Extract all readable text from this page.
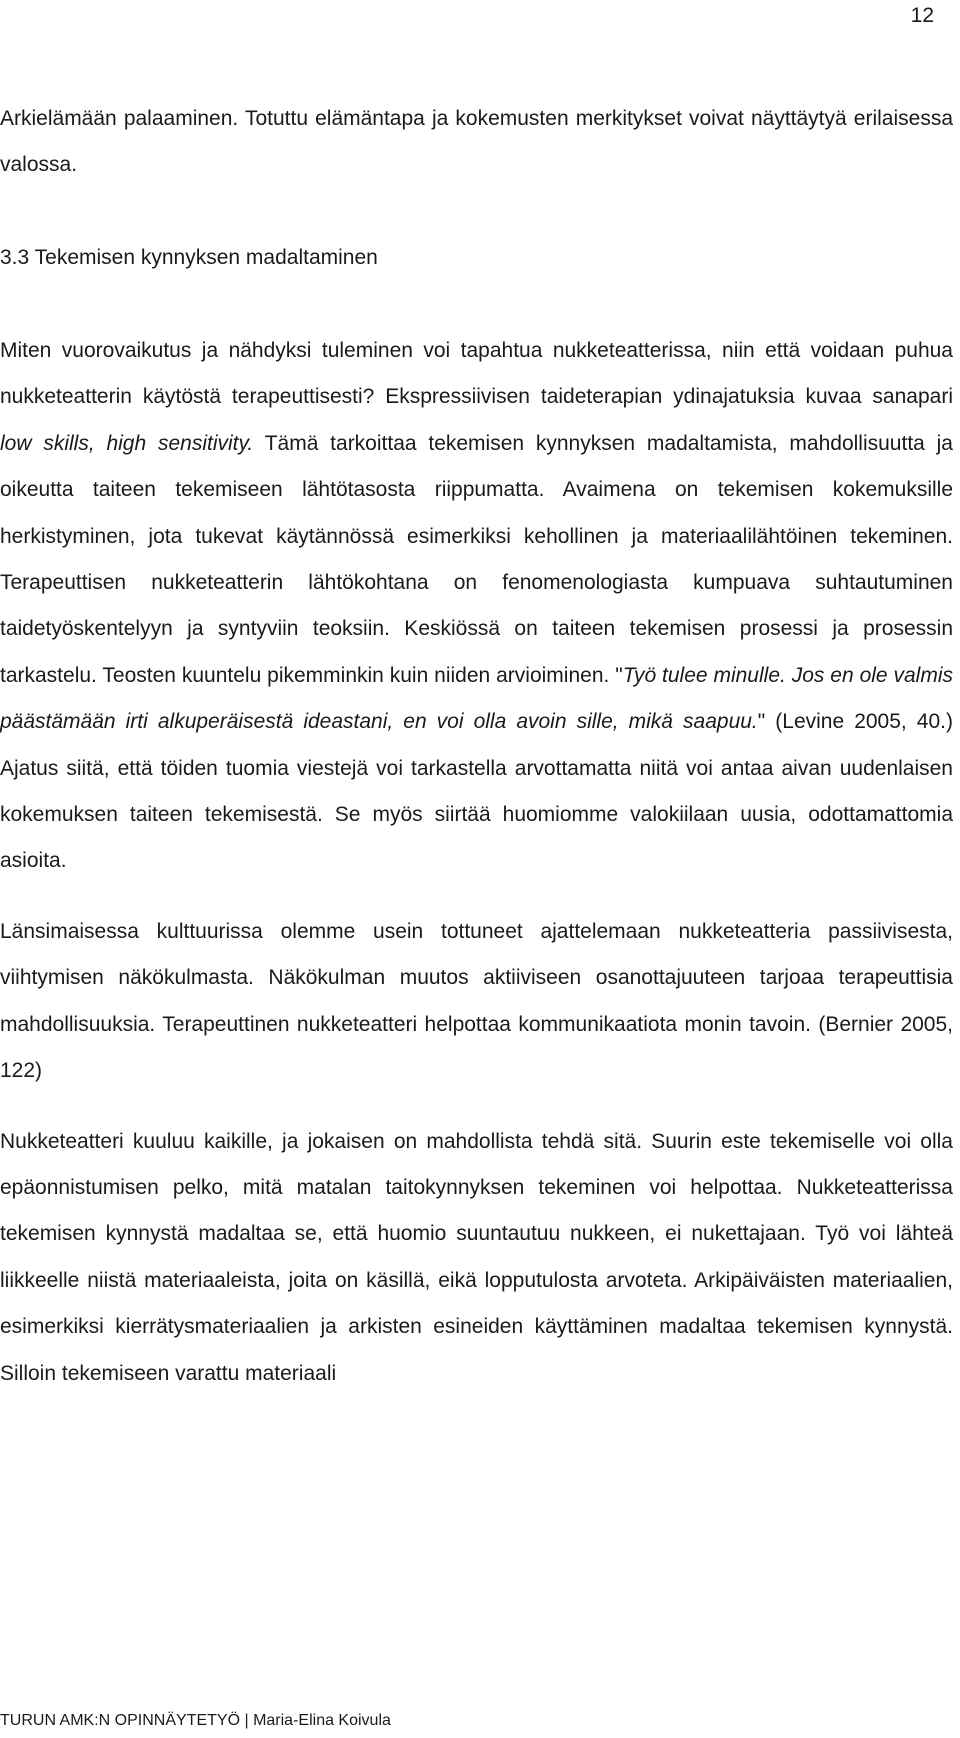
12

Arkielämään palaaminen. Totuttu elämäntapa ja kokemusten merkitykset voivat näyttäytyä erilaisessa valossa.

3.3 Tekemisen kynnyksen madaltaminen

Miten vuorovaikutus ja nähdyksi tuleminen voi tapahtua nukketeatterissa, niin että voidaan puhua nukketeatterin käytöstä terapeuttisesti? Ekspressiivisen taideterapian ydinajatuksia kuvaa sanapari low skills, high sensitivity. Tämä tarkoittaa tekemisen kynnyksen madaltamista, mahdollisuutta ja oikeutta taiteen tekemiseen lähtötasosta riippumatta. Avaimena on tekemisen kokemuksille herkistyminen, jota tukevat käytännössä esimerkiksi kehollinen ja materiaalilähtöinen tekeminen. Terapeuttisen nukketeatterin lähtökohtana on fenomenologiasta kumpuava suhtautuminen taidetyöskentelyyn ja syntyviin teoksiin. Keskiössä on taiteen tekemisen prosessi ja prosessin tarkastelu. Teosten kuuntelu pikemminkin kuin niiden arvioiminen. "Työ tulee minulle. Jos en ole valmis päästämään irti alkuperäisestä ideastani, en voi olla avoin sille, mikä saapuu." (Levine 2005, 40.) Ajatus siitä, että töiden tuomia viestejä voi tarkastella arvottamatta niitä voi antaa aivan uudenlaisen kokemuksen taiteen tekemisestä. Se myös siirtää huomiomme valokiilaan uusia, odottamattomia asioita.

Länsimaisessa kulttuurissa olemme usein tottuneet ajattelemaan nukketeatteria passiivisesta, viihtymisen näkökulmasta. Näkökulman muutos aktiiviseen osanottajuuteen tarjoaa terapeuttisia mahdollisuuksia. Terapeuttinen nukketeatteri helpottaa kommunikaatiota monin tavoin. (Bernier 2005, 122)

Nukketeatteri kuuluu kaikille, ja jokaisen on mahdollista tehdä sitä. Suurin este tekemiselle voi olla epäonnistumisen pelko, mitä matalan taitokynnyksen tekeminen voi helpottaa. Nukketeatterissa tekemisen kynnystä madaltaa se, että huomio suuntautuu nukkeen, ei nukettajaan. Työ voi lähteä liikkeelle niistä materiaaleista, joita on käsillä, eikä lopputulosta arvoteta. Arkipäiväisten materiaalien, esimerkiksi kierrätysmateriaalien ja arkisten esineiden käyttäminen madaltaa tekemisen kynnystä. Silloin tekemiseen varattu materiaali

TURUN AMK:N OPINNÄYTETYÖ | Maria-Elina Koivula
